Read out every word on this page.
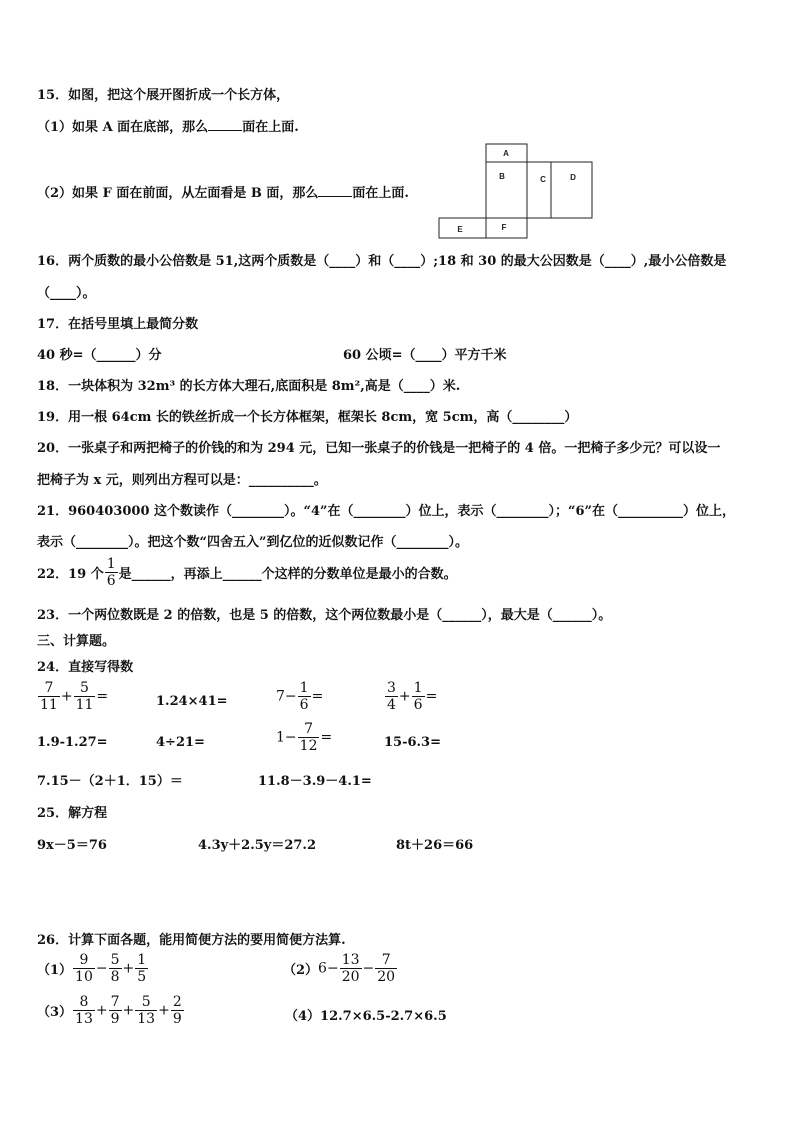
15．如图，把这个展开图折成一个长方体，
（1）如果 A 面在底部，那么	面在上面.
（2）如果 F 面在前面，从左面看是 B 面，那么	面在上面.
A
B	C	D
E	F
16．两个质数的最小公倍数是 51,这两个质数是（____）和（____）;18 和 30 的最大公因数是（____）,最小公倍数是
（____）。
17．在括号里填上最简分数
40 秒=（______）分	60 公顷=（____）平方千米
18．一块体积为 32m³ 的长方体大理石,底面积是 8m²,高是（____）米.
19．用一根 64cm 长的铁丝折成一个长方体框架，框架长 8cm，宽 5cm，高（________）
20．一张桌子和两把椅子的价钱的和为 294 元，已知一张桌子的价钱是一把椅子的 4 倍。一把椅子多少元？可以设一
把椅子为 x 元，则列出方程可以是：__________。
21．960403000 这个数读作（________）。“4”在（________）位上，表示（________）；“6”在（__________）位上，
表示（________）。把这个数“四舍五入”到亿位的近似数记作（________）。
22．19 个 $\frac{1}{6}$ 是______，再添上______个这样的分数单位是最小的合数。
23．一个两位数既是 2 的倍数，也是 5 的倍数，这个两位数最小是（______），最大是（______）。
三、计算题。
24．直接写得数
$\frac{7}{11} + \frac{5}{11}$ =	1.24×41=	$7- \frac{1}{6}$ =	$\frac{3}{4} + \frac{1}{6}$ =
1.9-1.27=	4÷21=	$1- \frac{7}{12}$ =	15-6.3=
7.15－（2＋1．15）＝	11.8－3.9－4.1=
25．解方程
9x－5＝76	4.3y＋2.5y＝27.2	8t＋26＝66
26．计算下面各题，能用简便方法的要用简便方法算.
$(1) \frac{9}{10} - \frac{5}{8} + \frac{1}{5}$	$(2)6- \frac{13}{20} - \frac{7}{20}$
$(3) \frac{8}{13} + \frac{7}{9} + \frac{5}{13} + \frac{2}{9}$	（4）12.7×6.5-2.7×6.5
